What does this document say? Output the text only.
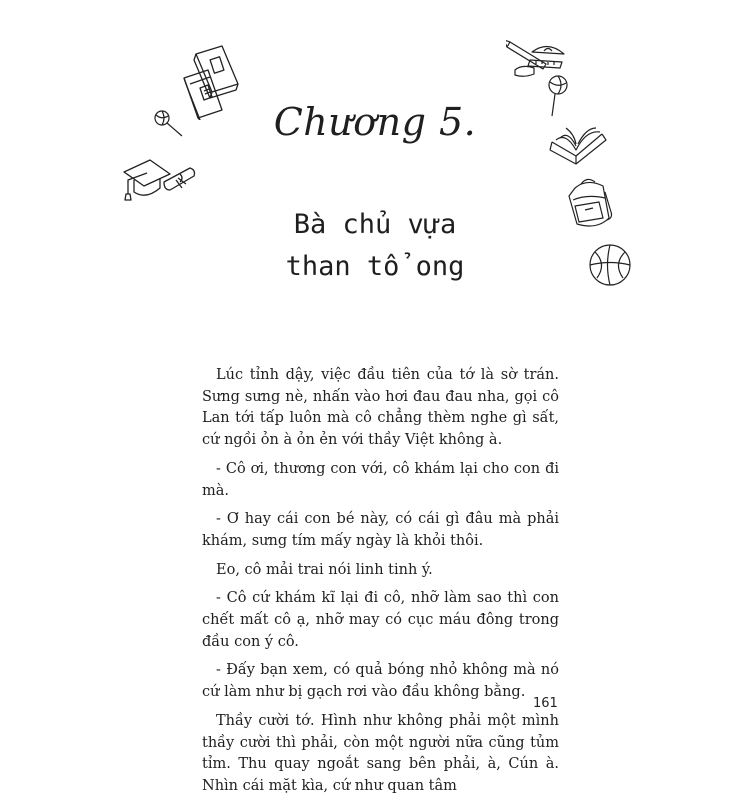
Chương 5.
Bà chủ vựa
than tổ ong

Lúc tỉnh dậy, việc đầu tiên của tớ là sờ trán. Sưng sưng nè, nhấn vào hơi đau đau nha, gọi cô Lan tới tấp luôn mà cô chẳng thèm nghe gì sất, cứ ngồi ỏn à ỏn ẻn với thầy Việt không à.

- Cô ơi, thương con với, cô khám lại cho con đi mà.

- Ơ hay cái con bé này, có cái gì đâu mà phải khám, sưng tím mấy ngày là khỏi thôi.

Eo, cô mải trai nói linh tinh ý.

- Cô cứ khám kĩ lại đi cô, nhỡ làm sao thì con chết mất cô ạ, nhỡ may có cục máu đông trong đầu con ý cô.

- Đấy bạn xem, có quả bóng nhỏ không mà nó cứ làm như bị gạch rơi vào đầu không bằng.

Thầy cười tớ. Hình như không phải một mình thầy cười thì phải, còn một người nữa cũng tủm tỉm. Thu quay ngoắt sang bên phải, à, Cún à. Nhìn cái mặt kìa, cứ như quan tâm

161
